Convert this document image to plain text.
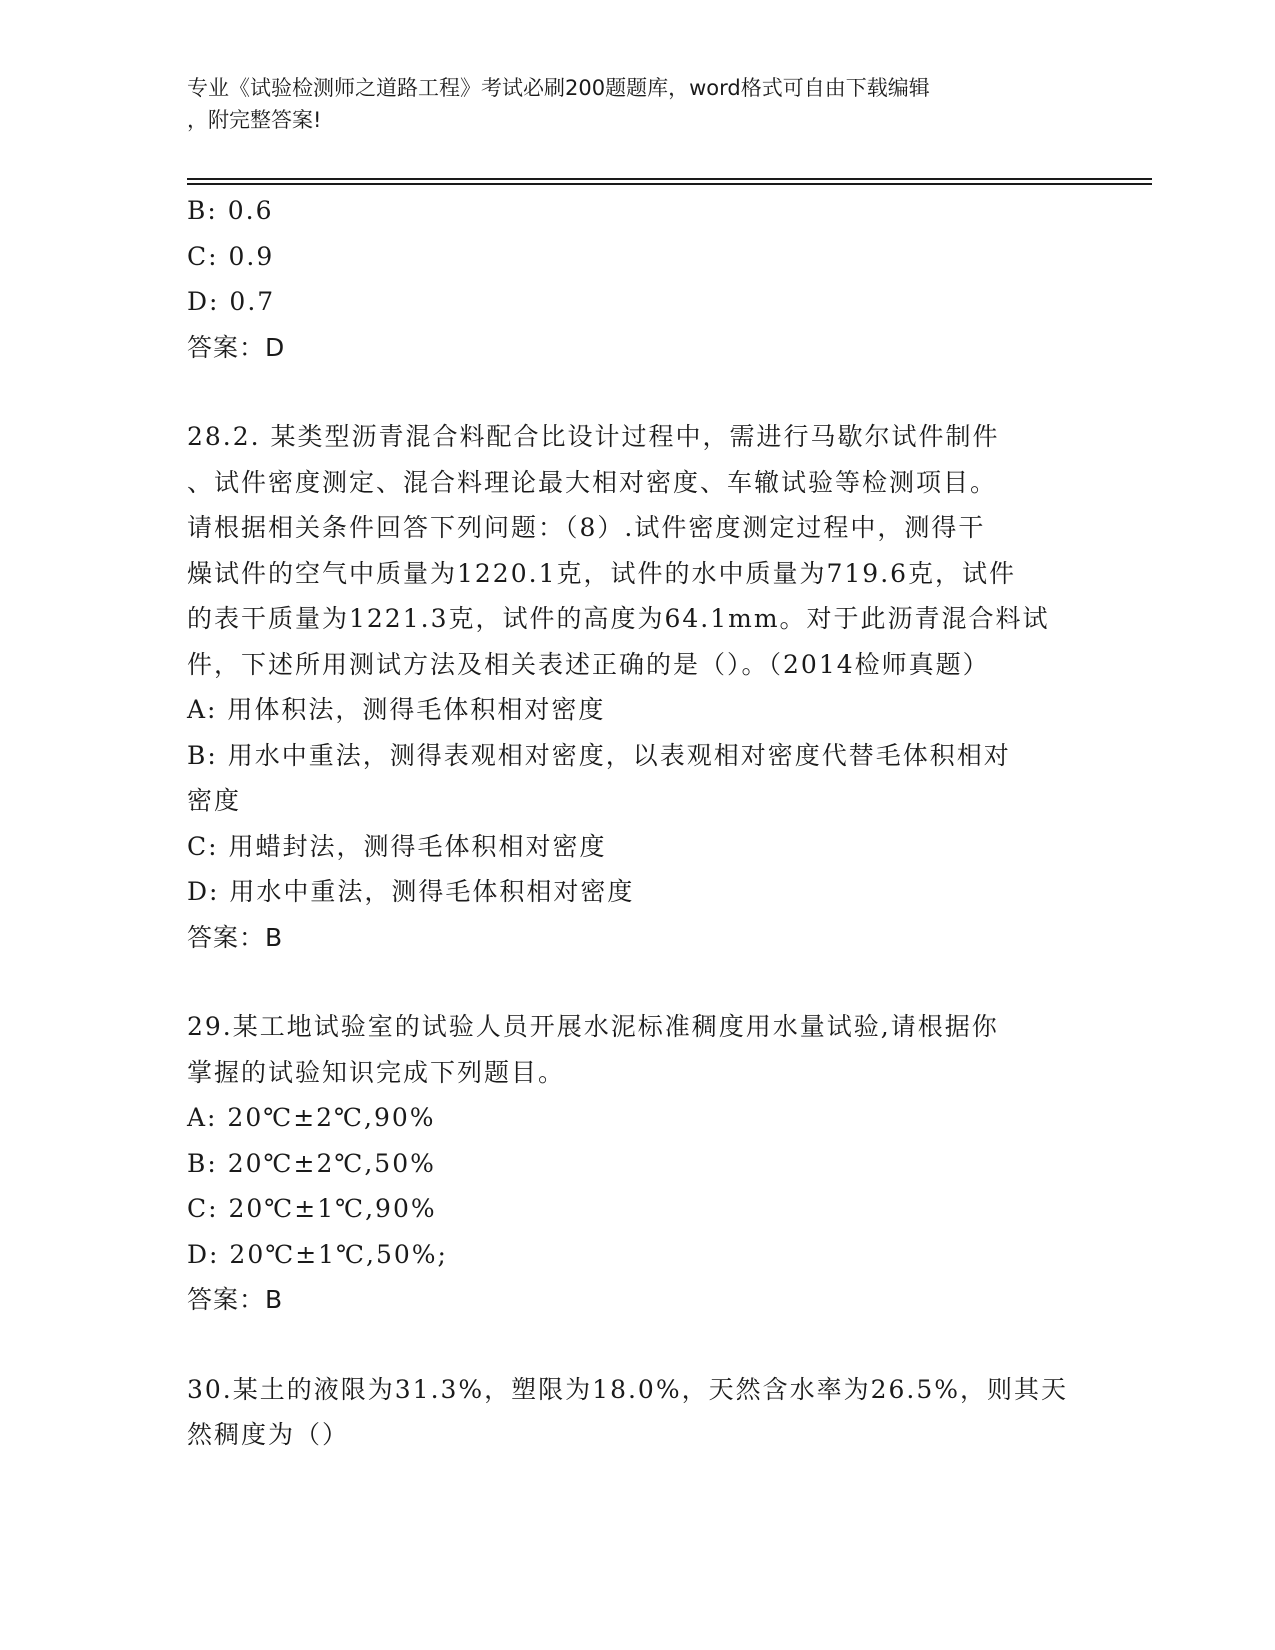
专业《试验检测师之道路工程》考试必刷200题题库，word格式可自由下载编辑
，附完整答案!
B: 0.6
C: 0.9
D: 0.7
答案：D
28.2. 某类型沥青混合料配合比设计过程中，需进行马歇尔试件制件
、试件密度测定、混合料理论最大相对密度、车辙试验等检测项目。
请根据相关条件回答下列问题：（8）.试件密度测定过程中，测得干
燥试件的空气中质量为1220.1克，试件的水中质量为719.6克，试件
的表干质量为1221.3克，试件的高度为64.1mm。对于此沥青混合料试
件，下述所用测试方法及相关表述正确的是（）。（2014检师真题）
A: 用体积法，测得毛体积相对密度
B: 用水中重法，测得表观相对密度，以表观相对密度代替毛体积相对
密度
C: 用蜡封法，测得毛体积相对密度
D: 用水中重法，测得毛体积相对密度
答案：B
29.某工地试验室的试验人员开展水泥标准稠度用水量试验,请根据你
掌握的试验知识完成下列题目。
A: 20℃±2℃,90%
B: 20℃±2℃,50%
C: 20℃±1℃,90%
D: 20℃±1℃,50%;
答案：B
30.某土的液限为31.3%，塑限为18.0%，天然含水率为26.5%，则其天
然稠度为（）
